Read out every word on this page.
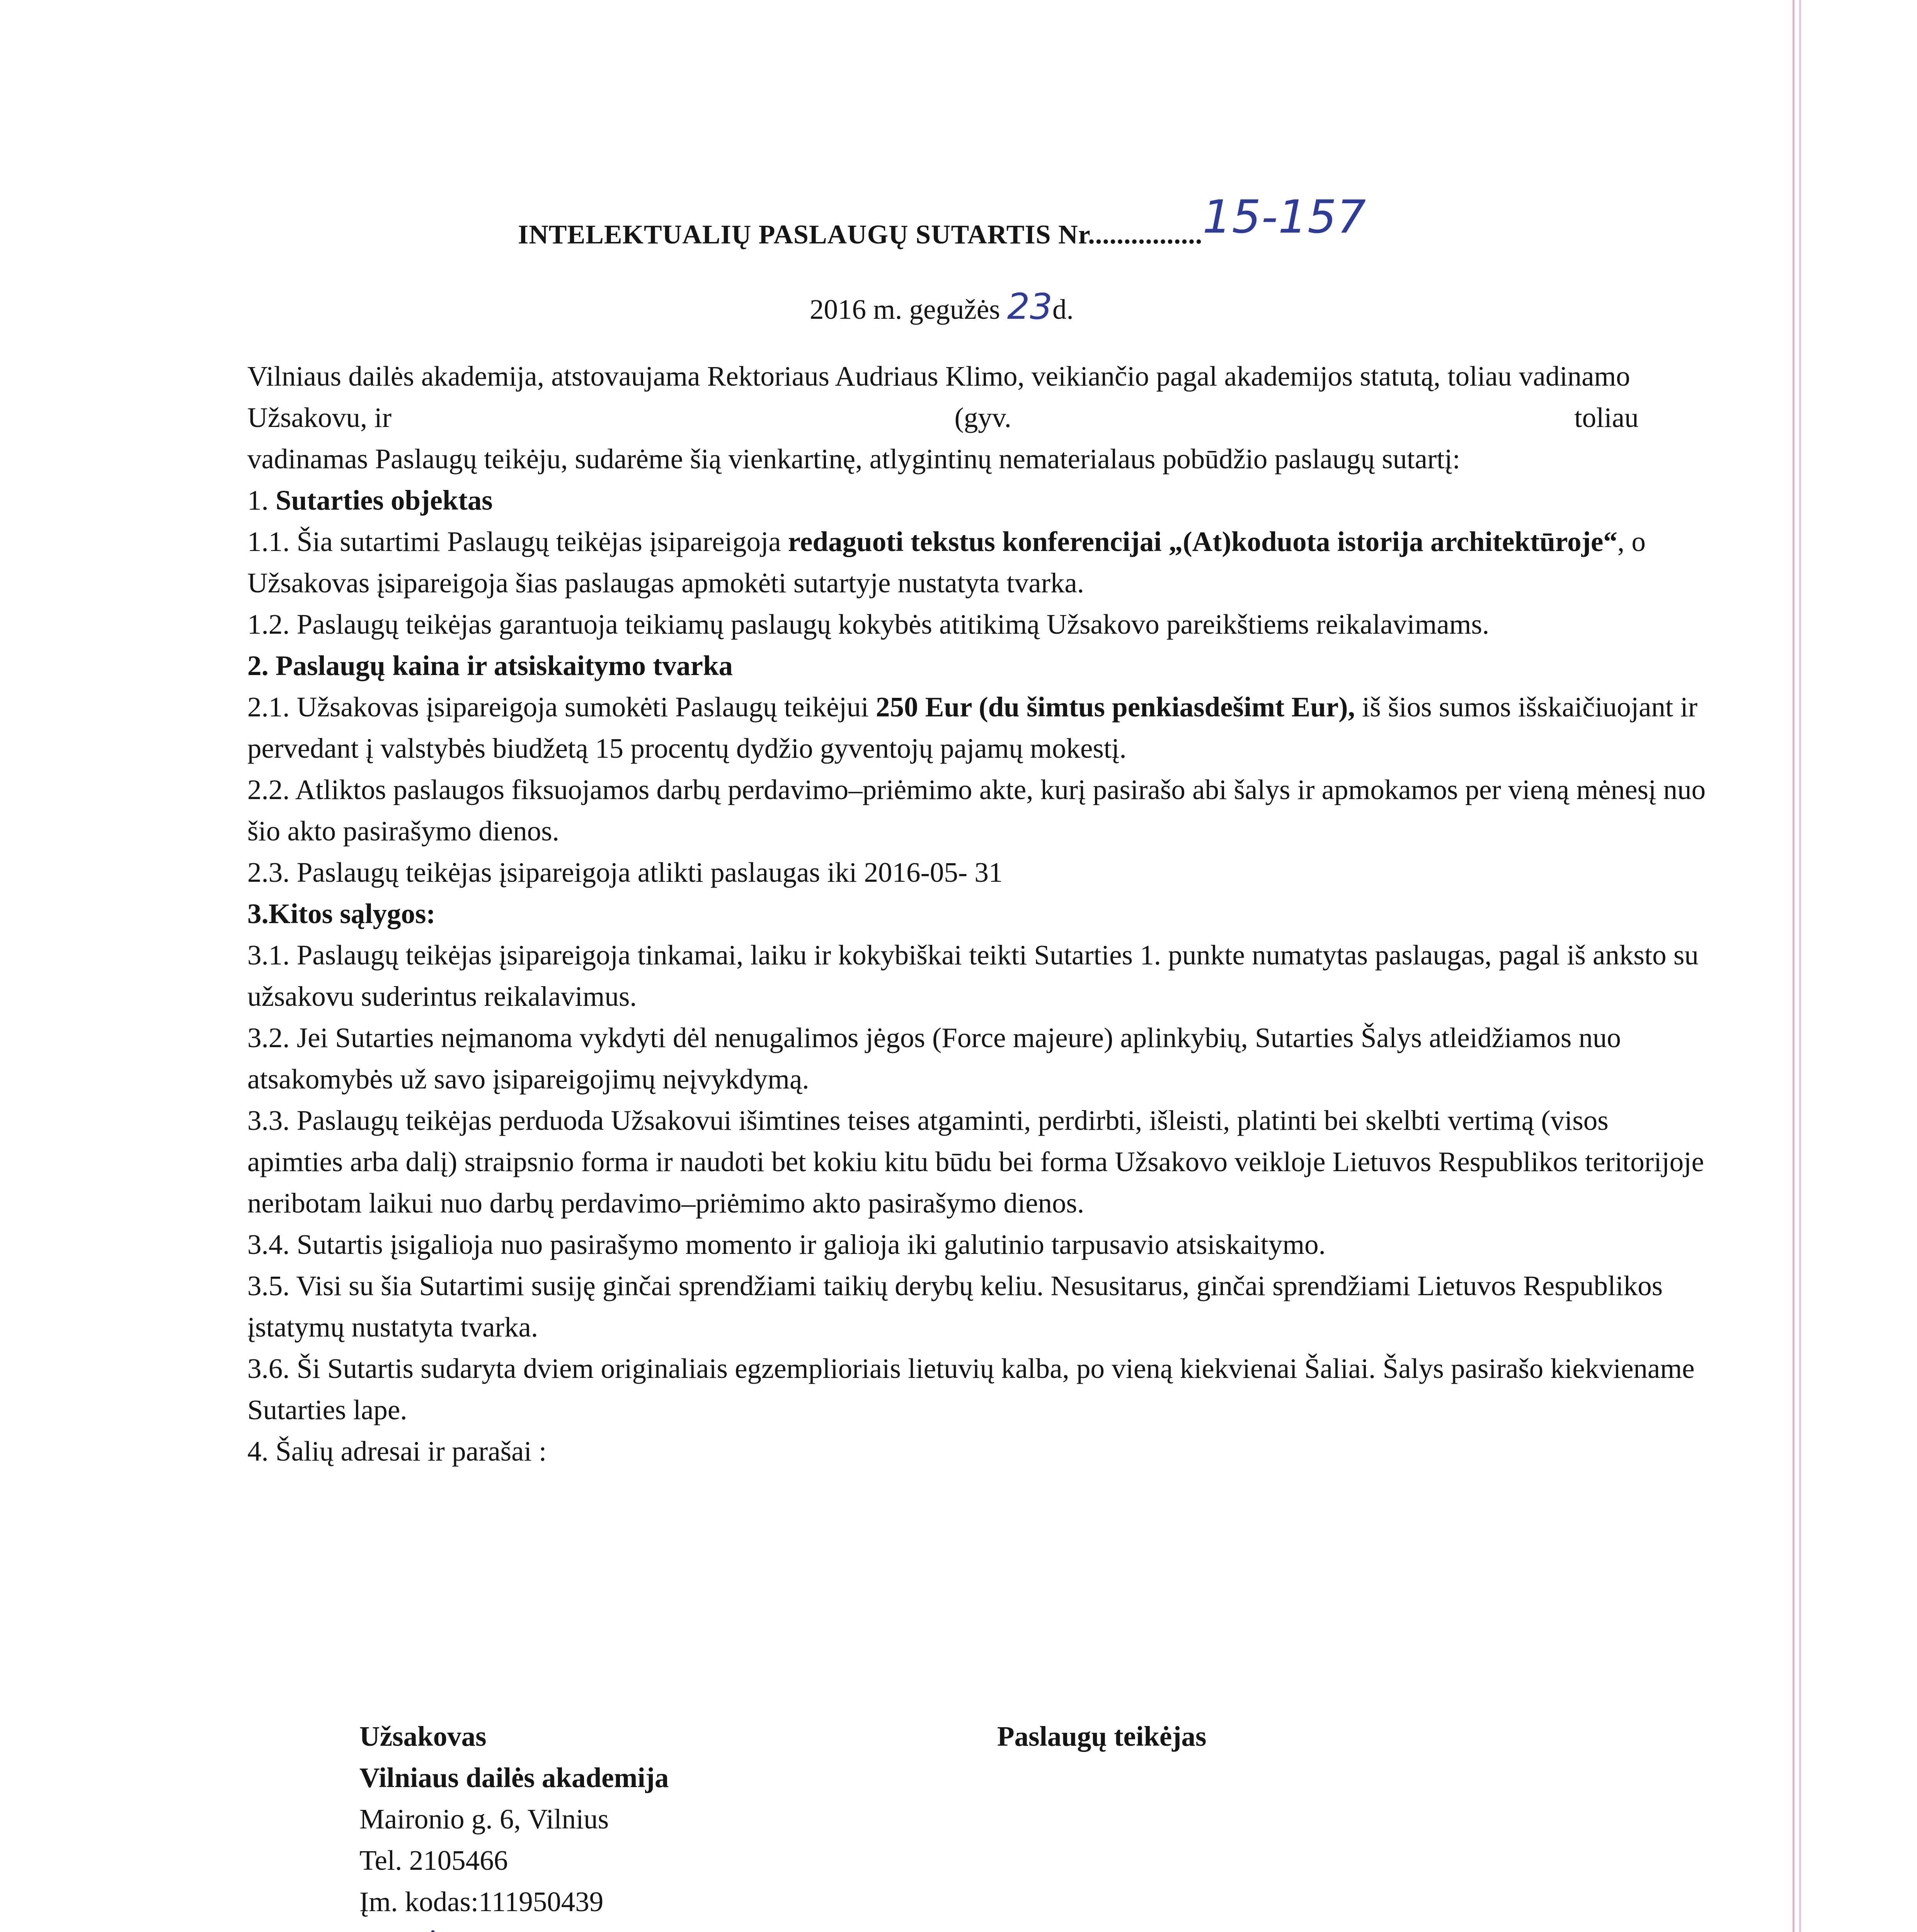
INTELEKTUALIŲ PASLAUGŲ SUTARTIS Nr................15-157
2016 m. gegužės 23d.

Vilniaus dailės akademija, atstovaujama Rektoriaus Audriaus Klimo, veikiančio pagal akademijos statutą, toliau vadinamo Užsakovu, ir	(gyv.	toliau vadinamas Paslaugų teikėju, sudarėme šią vienkartinę, atlygintinų nematerialaus pobūdžio paslaugų sutartį:

1. Sutarties objektas

1.1. Šia sutartimi Paslaugų teikėjas įsipareigoja redaguoti tekstus konferencijai „(At)koduota istorija architektūroje“, o Užsakovas įsipareigoja šias paslaugas apmokėti sutartyje nustatyta tvarka.

1.2. Paslaugų teikėjas garantuoja teikiamų paslaugų kokybės atitikimą Užsakovo pareikštiems reikalavimams.

2. Paslaugų kaina ir atsiskaitymo tvarka

2.1. Užsakovas įsipareigoja sumokėti Paslaugų teikėjui 250 Eur (du šimtus penkiasdešimt Eur), iš šios sumos išskaičiuojant ir pervedant į valstybės biudžetą 15 procentų dydžio gyventojų pajamų mokestį.

2.2. Atliktos paslaugos fiksuojamos darbų perdavimo–priėmimo akte, kurį pasirašo abi šalys ir apmokamos per vieną mėnesį nuo šio akto pasirašymo dienos.

2.3. Paslaugų teikėjas įsipareigoja atlikti paslaugas iki 2016-05- 31

3.Kitos sąlygos:

3.1. Paslaugų teikėjas įsipareigoja tinkamai, laiku ir kokybiškai teikti Sutarties 1. punkte numatytas paslaugas, pagal iš anksto su užsakovu suderintus reikalavimus.

3.2. Jei Sutarties neįmanoma vykdyti dėl nenugalimos jėgos (Force majeure) aplinkybių, Sutarties Šalys atleidžiamos nuo atsakomybės už savo įsipareigojimų neįvykdymą.

3.3. Paslaugų teikėjas perduoda Užsakovui išimtines teises atgaminti, perdirbti, išleisti, platinti bei skelbti vertimą (visos apimties arba dalį) straipsnio forma ir naudoti bet kokiu kitu būdu bei forma Užsakovo veikloje Lietuvos Respublikos teritorijoje neribotam laikui nuo darbų perdavimo–priėmimo akto pasirašymo dienos.

3.4. Sutartis įsigalioja nuo pasirašymo momento ir galioja iki galutinio tarpusavio atsiskaitymo.

3.5. Visi su šia Sutartimi susiję ginčai sprendžiami taikių derybų keliu. Nesusitarus, ginčai sprendžiami Lietuvos Respublikos įstatymų nustatyta tvarka.

3.6. Ši Sutartis sudaryta dviem originaliais egzemplioriais lietuvių kalba, po vieną kiekvienai Šaliai. Šalys pasirašo kiekviename Sutarties lape.

4. Šalių adresai ir parašai :

Užsakovas
Vilniaus dailės akademija
Maironio g. 6, Vilnius
Tel. 2105466
Įm. kodas:111950439
Paslaugų teikėjas
